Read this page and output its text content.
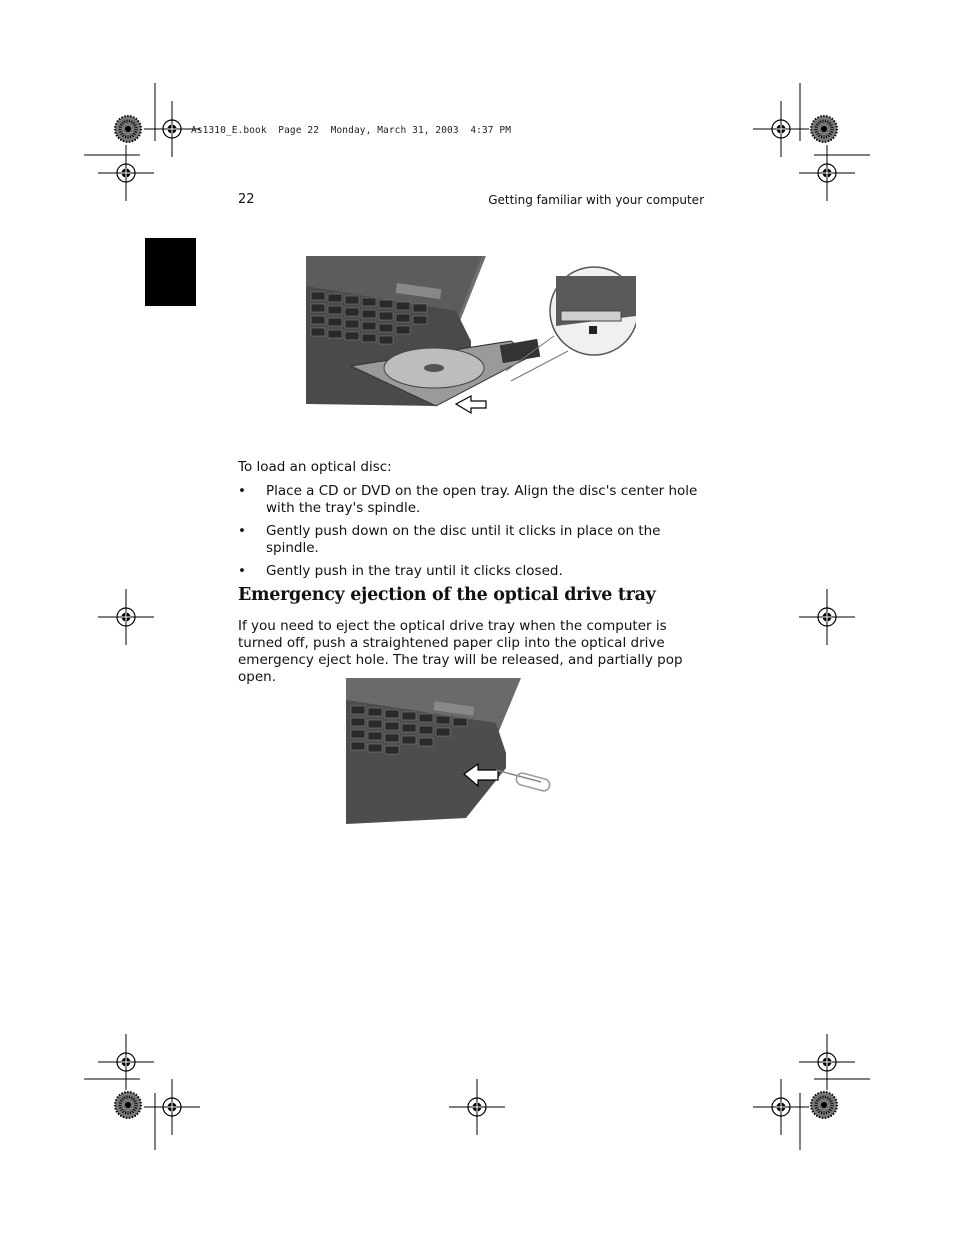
As1310_E.book  Page 22  Monday, March 31, 2003  4:37 PM
22	Getting familiar with your computer
To load an optical disc:
• Place a CD or DVD on the open tray. Align the disc's center hole with the tray's spindle.
• Gently push down on the disc until it clicks in place on the spindle.
• Gently push in the tray until it clicks closed.
Emergency ejection of the optical drive tray
If you need to eject the optical drive tray when the computer is turned off, push a straightened paper clip into the optical drive emergency eject hole. The tray will be released, and partially pop open.
